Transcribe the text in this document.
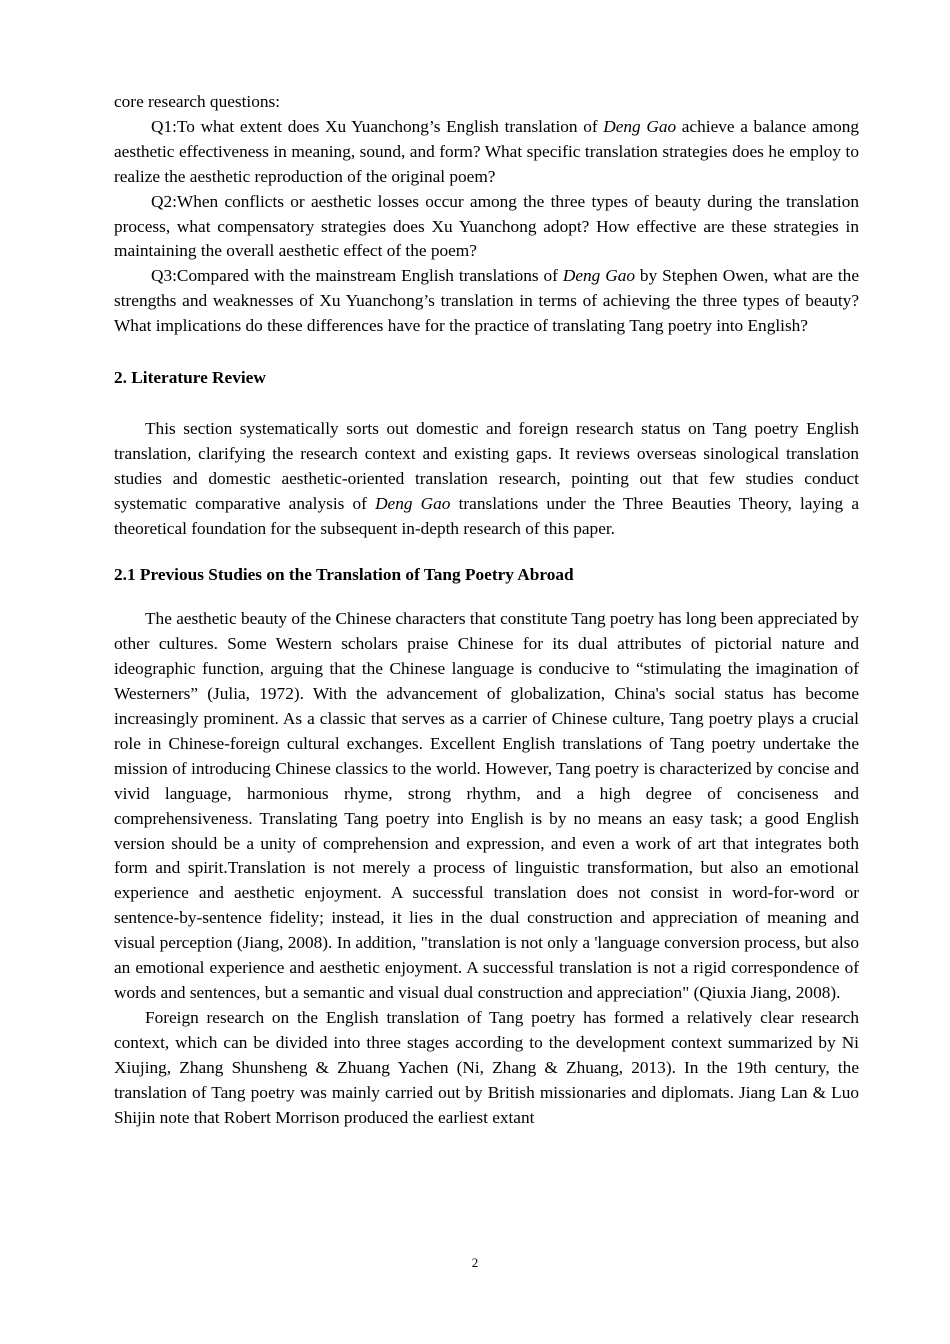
core research questions:

Q1:To what extent does Xu Yuanchong’s English translation of Deng Gao achieve a balance among aesthetic effectiveness in meaning, sound, and form? What specific translation strategies does he employ to realize the aesthetic reproduction of the original poem?

Q2:When conflicts or aesthetic losses occur among the three types of beauty during the translation process, what compensatory strategies does Xu Yuanchong adopt? How effective are these strategies in maintaining the overall aesthetic effect of the poem?

Q3:Compared with the mainstream English translations of Deng Gao by Stephen Owen, what are the strengths and weaknesses of Xu Yuanchong’s translation in terms of achieving the three types of beauty? What implications do these differences have for the practice of translating Tang poetry into English?

2. Literature Review

This section systematically sorts out domestic and foreign research status on Tang poetry English translation, clarifying the research context and existing gaps. It reviews overseas sinological translation studies and domestic aesthetic-oriented translation research, pointing out that few studies conduct systematic comparative analysis of Deng Gao translations under the Three Beauties Theory, laying a theoretical foundation for the subsequent in-depth research of this paper.

2.1 Previous Studies on the Translation of Tang Poetry Abroad

The aesthetic beauty of the Chinese characters that constitute Tang poetry has long been appreciated by other cultures. Some Western scholars praise Chinese for its dual attributes of pictorial nature and ideographic function, arguing that the Chinese language is conducive to “stimulating the imagination of Westerners” (Julia, 1972). With the advancement of globalization, China's social status has become increasingly prominent. As a classic that serves as a carrier of Chinese culture, Tang poetry plays a crucial role in Chinese-foreign cultural exchanges. Excellent English translations of Tang poetry undertake the mission of introducing Chinese classics to the world. However, Tang poetry is characterized by concise and vivid language, harmonious rhyme, strong rhythm, and a high degree of conciseness and comprehensiveness. Translating Tang poetry into English is by no means an easy task; a good English version should be a unity of comprehension and expression, and even a work of art that integrates both form and spirit.Translation is not merely a process of linguistic transformation, but also an emotional experience and aesthetic enjoyment. A successful translation does not consist in word-for-word or sentence-by-sentence fidelity; instead, it lies in the dual construction and appreciation of meaning and visual perception (Jiang, 2008). In addition, "translation is not only a 'language conversion process, but also an emotional experience and aesthetic enjoyment. A successful translation is not a rigid correspondence of words and sentences, but a semantic and visual dual construction and appreciation" (Qiuxia Jiang, 2008).

Foreign research on the English translation of Tang poetry has formed a relatively clear research context, which can be divided into three stages according to the development context summarized by Ni Xiujing, Zhang Shunsheng & Zhuang Yachen (Ni, Zhang & Zhuang, 2013). In the 19th century, the translation of Tang poetry was mainly carried out by British missionaries and diplomats. Jiang Lan & Luo Shijin note that Robert Morrison produced the earliest extant

2
